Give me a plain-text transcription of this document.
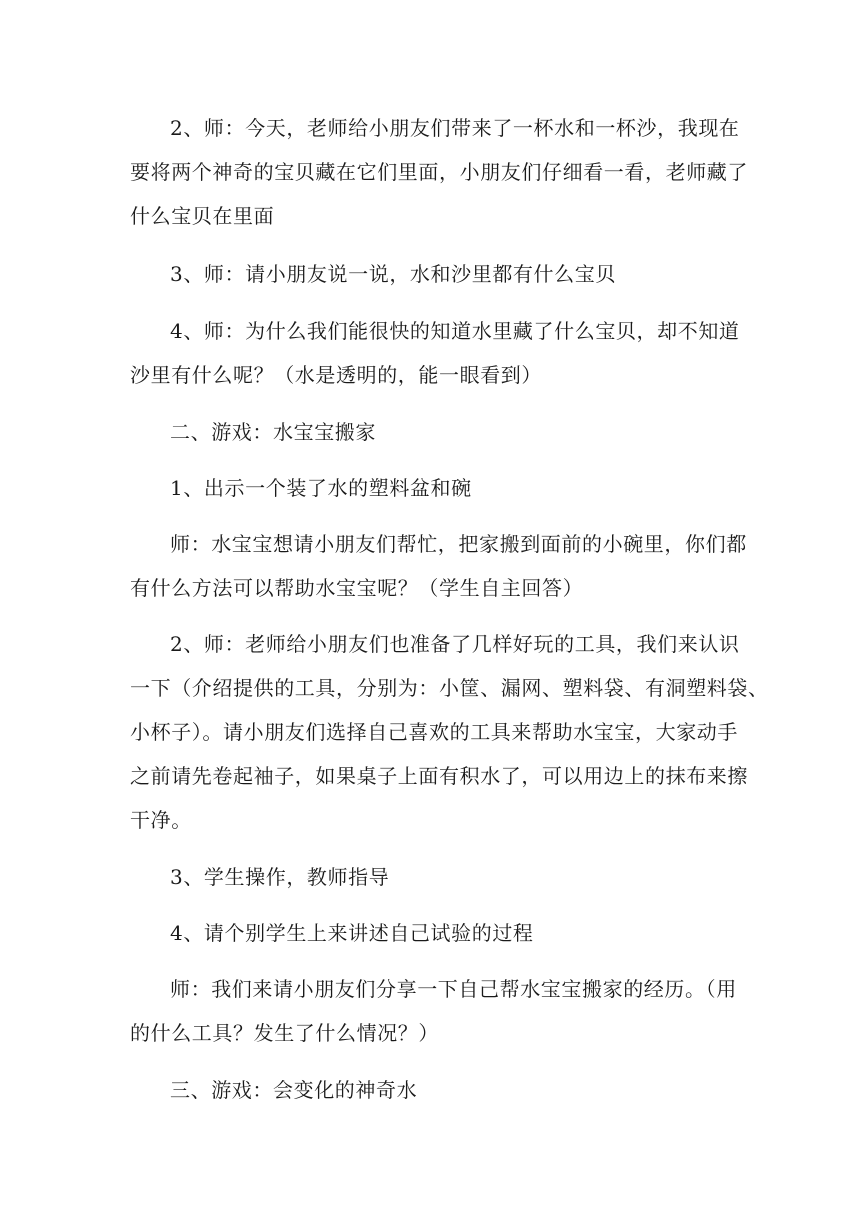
2、师：今天，老师给小朋友们带来了一杯水和一杯沙，我现在
要将两个神奇的宝贝藏在它们里面，小朋友们仔细看一看，老师藏了
什么宝贝在里面
3、师：请小朋友说一说，水和沙里都有什么宝贝
4、师：为什么我们能很快的知道水里藏了什么宝贝，却不知道
沙里有什么呢？（水是透明的，能一眼看到）
二、游戏：水宝宝搬家
1、出示一个装了水的塑料盆和碗
师：水宝宝想请小朋友们帮忙，把家搬到面前的小碗里，你们都
有什么方法可以帮助水宝宝呢？（学生自主回答）
2、师：老师给小朋友们也准备了几样好玩的工具，我们来认识
一下（介绍提供的工具，分别为：小筐、漏网、塑料袋、有洞塑料袋、
小杯子）。请小朋友们选择自己喜欢的工具来帮助水宝宝，大家动手
之前请先卷起袖子，如果桌子上面有积水了，可以用边上的抹布来擦
干净。
3、学生操作，教师指导
4、请个别学生上来讲述自己试验的过程
师：我们来请小朋友们分享一下自己帮水宝宝搬家的经历。（用
的什么工具？发生了什么情况？）
三、游戏：会变化的神奇水
